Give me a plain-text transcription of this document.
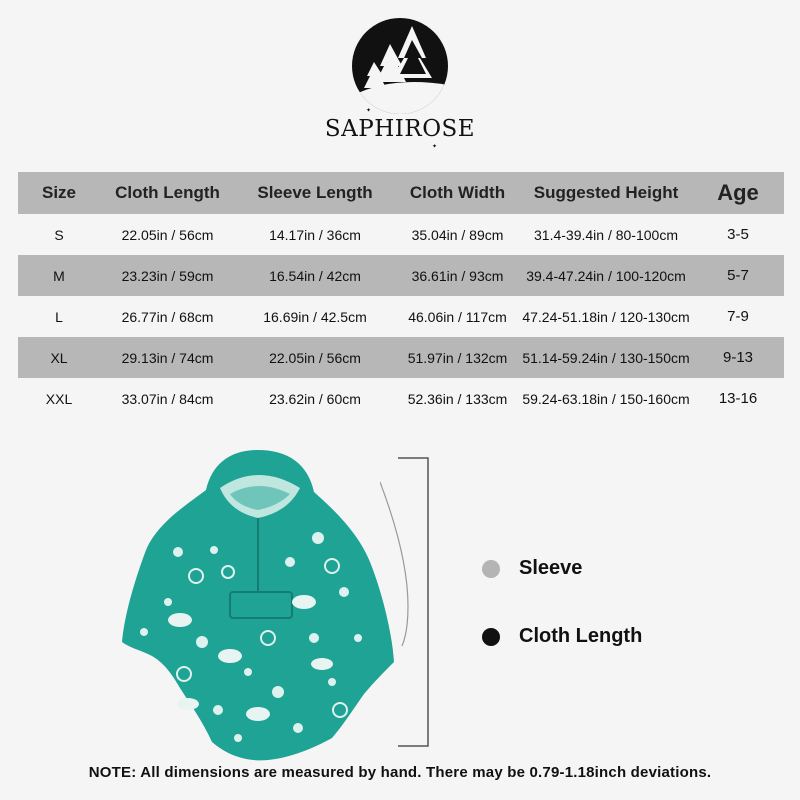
✦
✦
SAPHIROSE
Size	Cloth Length	Sleeve Length	Cloth Width	Suggested Height	Age
S	22.05in / 56cm	14.17in / 36cm	35.04in / 89cm	31.4-39.4in / 80-100cm	3-5
M	23.23in / 59cm	16.54in / 42cm	36.61in / 93cm	39.4-47.24in / 100-120cm	5-7
L	26.77in / 68cm	16.69in / 42.5cm	46.06in / 117cm	47.24-51.18in / 120-130cm	7-9
XL	29.13in / 74cm	22.05in / 56cm	51.97in / 132cm	51.14-59.24in / 130-150cm	9-13
XXL	33.07in / 84cm	23.62in / 60cm	52.36in / 133cm	59.24-63.18in / 150-160cm	13-16
Sleeve
Cloth Length
NOTE: All dimensions are measured by hand. There may be 0.79-1.18inch deviations.
